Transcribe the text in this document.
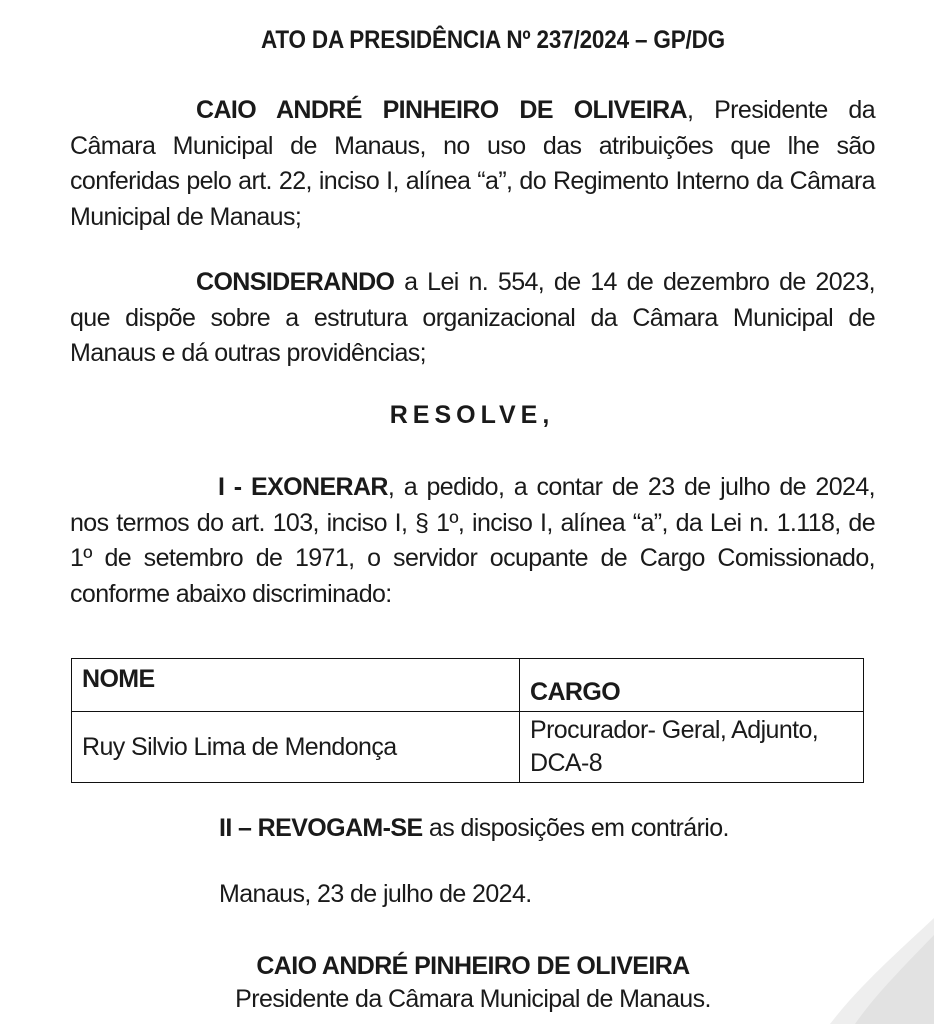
ATO DA PRESIDÊNCIA Nº 237/2024 – GP/DG
CAIO ANDRÉ PINHEIRO DE OLIVEIRA, Presidente da Câmara Municipal de Manaus, no uso das atribuições que lhe são conferidas pelo art. 22, inciso I, alínea “a”, do Regimento Interno da Câmara Municipal de Manaus;
CONSIDERANDO a Lei n. 554, de 14 de dezembro de 2023, que dispõe sobre a estrutura organizacional da Câmara Municipal de Manaus e dá outras providências;
RESOLVE,
I - EXONERAR, a pedido, a contar de 23 de julho de 2024, nos termos do art. 103, inciso I, § 1º, inciso I, alínea “a”, da Lei n. 1.118, de 1º de setembro de 1971, o servidor ocupante de Cargo Comissionado, conforme abaixo discriminado:
NOME	CARGO
Ruy Silvio Lima de Mendonça	Procurador- Geral, Adjunto,
DCA-8
II – REVOGAM-SE as disposições em contrário.
Manaus, 23 de julho de 2024.
CAIO ANDRÉ PINHEIRO DE OLIVEIRA
Presidente da Câmara Municipal de Manaus.
